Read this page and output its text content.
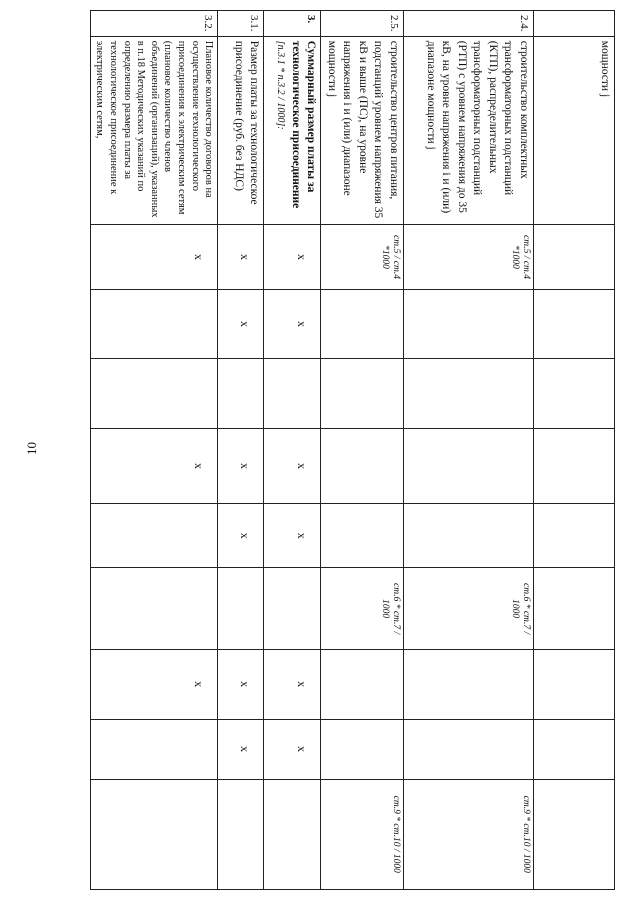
10
	мощности j									
2.4.	строительство комплектных трансформаторных подстанций (КТП), распределительных трансформаторных подстанций (РТП) с уровнем напряжения до 35 кВ, на уровне напряжения i и (или) диапазоне мощности j	ст.5 / ст.4 *1000					ст.6 * ст.7 / 1000			ст.9 * ст.10 / 1000
2.5.	строительство центров питания, подстанций уровнем напряжения 35 кВ и выше (ПС), на уровне напряжения i и (или) диапазоне мощности j	ст.5 / ст.4 *1000					ст.6 * ст.7 / 1000			ст.9 * ст.10 / 1000
3.	Суммарный размер платы за технологическое присоединение
[п.3.1 * п.3.2 / 1000]:	x	x		x	x		x	x	
3.1.	Размер платы за технологическое присоединение (руб. без НДС)	x	x		x	x		x	x	
3.2.	Плановое количество договоров на осуществление технологического присоединения к электрическим сетям (плановое количество членов объединений (организаций), указанных в п.18 Методических указаний по определению размера платы за технологическое присоединение к электрическим сетям,	x			x			x		
